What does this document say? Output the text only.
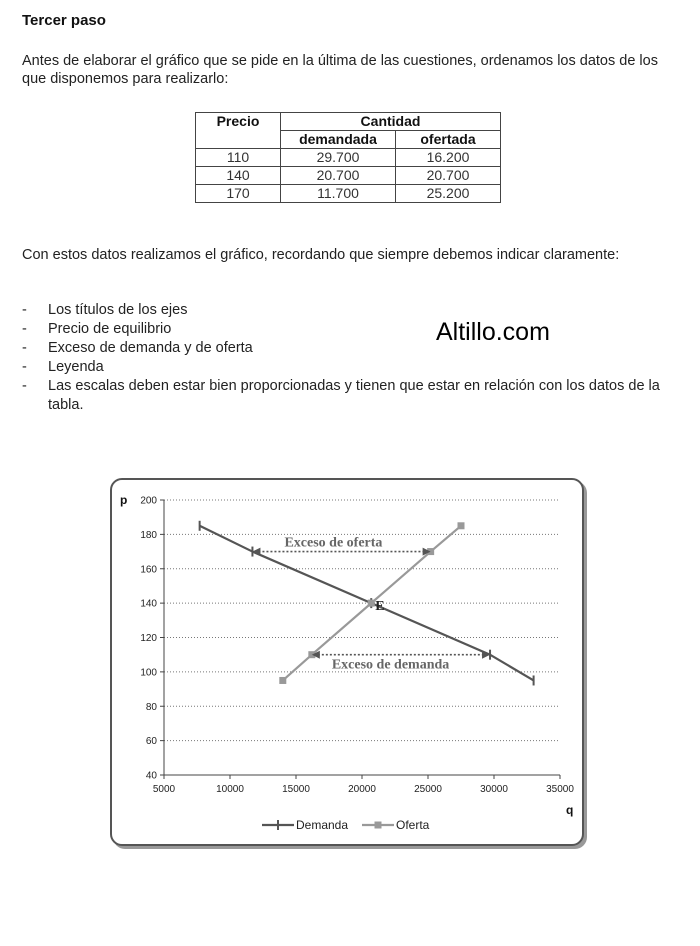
Tercer paso
Antes de elaborar el gráfico que se pide en la última de las cuestiones, ordenamos los datos de los que disponemos para realizarlo:
Precio	Cantidad	
	demandada	ofertada
110	29.700	16.200
140	20.700	20.700
170	11.700	25.200
Con estos datos realizamos el gráfico, recordando que siempre debemos indicar claramente:
- Los títulos de los ejes
- Precio de equilibrio
- Exceso de demanda y de oferta
- Leyenda
- Las escalas deben estar bien proporcionadas y tienen que estar en relación con los datos de la tabla.
Altillo.com
40
60
80
100
120
140
160
180
200
5000	10000	15000	20000	25000	30000	35000
p
q
Exceso de oferta
Exceso de demanda
E
Demanda	Oferta
